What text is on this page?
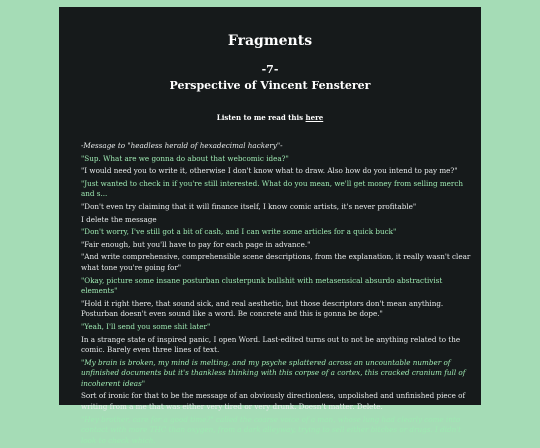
Fragments
-7-
Perspective of Vincent Fensterer
Listen to me read this here

-Message to "headless herald of hexadecimal hackery"-

"Sup. What are we gonna do about that webcomic idea?"

"I would need you to write it, otherwise I don't know what to draw. Also how do you intend to pay me?"

"Just wanted to check in if you're still interested. What do you mean, we'll get money from selling merch and s...

"Don't even try claiming that it will finance itself, I know comic artists, it's never profitable"

I delete the message

"Don't worry, I've still got a bit of cash, and I can write some articles for a quick buck"

"Fair enough, but you'll have to pay for each page in advance."

"And write comprehensive, comprehensible scene descriptions, from the explanation, it really wasn't clear what tone you're going for"

"Okay, picture some insane posturban clusterpunk bullshit with metasensical absurdo abstractivist elements"

"Hold it right there, that sound sick, and real aesthetic, but those descriptors don't mean anything. Posturban doesn't even sound like a word. Be concrete and this is gonna be dope."

"Yeah, I'll send you some shit later"

In a strange state of inspired panic, I open Word. Last-edited turns out to not be anything related to the comic. Barely even three lines of text.

"My brain is broken, my mind is melting, and my psyche splattered across an uncountable number of unfinished documents but it's thankless thinking with this corpse of a cortex, this cracked cranium full of incoherent ideas"

Sort of ironic for that to be the message of an obviously directionless, unpolished and unfinished piece of writing from a me that was either very tired or very drunk. Doesn't matter. Delete.

"Hey brother, care for a good time?" called the coarse voice of a man, whose lung had clearly come into contact with more THC than oxygen, from a dark alleyway, trying to sell either bitches or drugs. I didn't look to check which.
